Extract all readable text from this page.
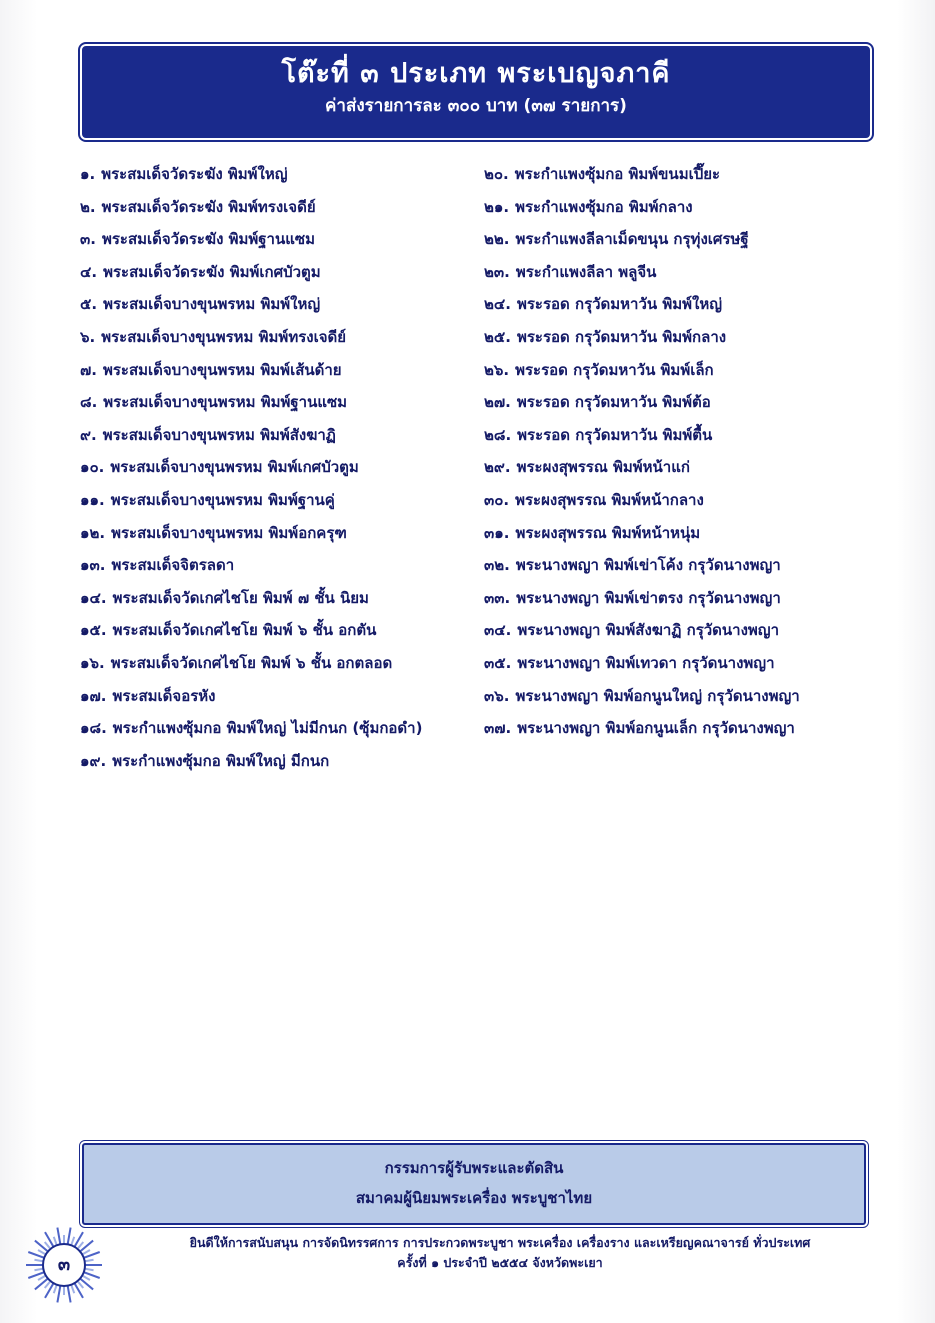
โต๊ะที่ ๓ ประเภท พระเบญจภาคี
ค่าส่งรายการละ ๓๐๐ บาท (๓๗ รายการ)
๑. พระสมเด็จวัดระฆัง พิมพ์ใหญ่
๒. พระสมเด็จวัดระฆัง พิมพ์ทรงเจดีย์
๓. พระสมเด็จวัดระฆัง พิมพ์ฐานแซม
๔. พระสมเด็จวัดระฆัง พิมพ์เกศบัวตูม
๕. พระสมเด็จบางขุนพรหม พิมพ์ใหญ่
๖. พระสมเด็จบางขุนพรหม พิมพ์ทรงเจดีย์
๗. พระสมเด็จบางขุนพรหม พิมพ์เส้นด้าย
๘. พระสมเด็จบางขุนพรหม พิมพ์ฐานแซม
๙. พระสมเด็จบางขุนพรหม พิมพ์สังฆาฏิ
๑๐. พระสมเด็จบางขุนพรหม พิมพ์เกศบัวตูม
๑๑. พระสมเด็จบางขุนพรหม พิมพ์ฐานคู่
๑๒. พระสมเด็จบางขุนพรหม พิมพ์อกครุฑ
๑๓. พระสมเด็จจิตรลดา
๑๔. พระสมเด็จวัดเกศไชโย พิมพ์ ๗ ชั้น นิยม
๑๕. พระสมเด็จวัดเกศไชโย พิมพ์ ๖ ชั้น อกตัน
๑๖. พระสมเด็จวัดเกศไชโย พิมพ์ ๖ ชั้น อกตลอด
๑๗. พระสมเด็จอรหัง
๑๘. พระกำแพงซุ้มกอ พิมพ์ใหญ่ ไม่มีกนก (ซุ้มกอดำ)
๑๙. พระกำแพงซุ้มกอ พิมพ์ใหญ่ มีกนก
๒๐. พระกำแพงซุ้มกอ พิมพ์ขนมเปี๊ยะ
๒๑. พระกำแพงซุ้มกอ พิมพ์กลาง
๒๒. พระกำแพงลีลาเม็ดขนุน กรุทุ่งเศรษฐี
๒๓. พระกำแพงลีลา พลูจีน
๒๔. พระรอด กรุวัดมหาวัน พิมพ์ใหญ่
๒๕. พระรอด กรุวัดมหาวัน พิมพ์กลาง
๒๖. พระรอด กรุวัดมหาวัน พิมพ์เล็ก
๒๗. พระรอด กรุวัดมหาวัน พิมพ์ต้อ
๒๘. พระรอด กรุวัดมหาวัน พิมพ์ตื้น
๒๙. พระผงสุพรรณ พิมพ์หน้าแก่
๓๐. พระผงสุพรรณ พิมพ์หน้ากลาง
๓๑. พระผงสุพรรณ พิมพ์หน้าหนุ่ม
๓๒. พระนางพญา พิมพ์เข่าโค้ง กรุวัดนางพญา
๓๓. พระนางพญา พิมพ์เข่าตรง กรุวัดนางพญา
๓๔. พระนางพญา พิมพ์สังฆาฏิ กรุวัดนางพญา
๓๕. พระนางพญา พิมพ์เทวดา กรุวัดนางพญา
๓๖. พระนางพญา พิมพ์อกนูนใหญ่ กรุวัดนางพญา
๓๗. พระนางพญา พิมพ์อกนูนเล็ก กรุวัดนางพญา
กรรมการผู้รับพระและตัดสิน
สมาคมผู้นิยมพระเครื่อง พระบูชาไทย
ยินดีให้การสนับสนุน การจัดนิทรรศการ การประกวดพระบูชา พระเครื่อง เครื่องราง และเหรียญคณาจารย์ ทั่วประเทศ
ครั้งที่ ๑ ประจำปี ๒๕๕๔ จังหวัดพะเยา
๓
